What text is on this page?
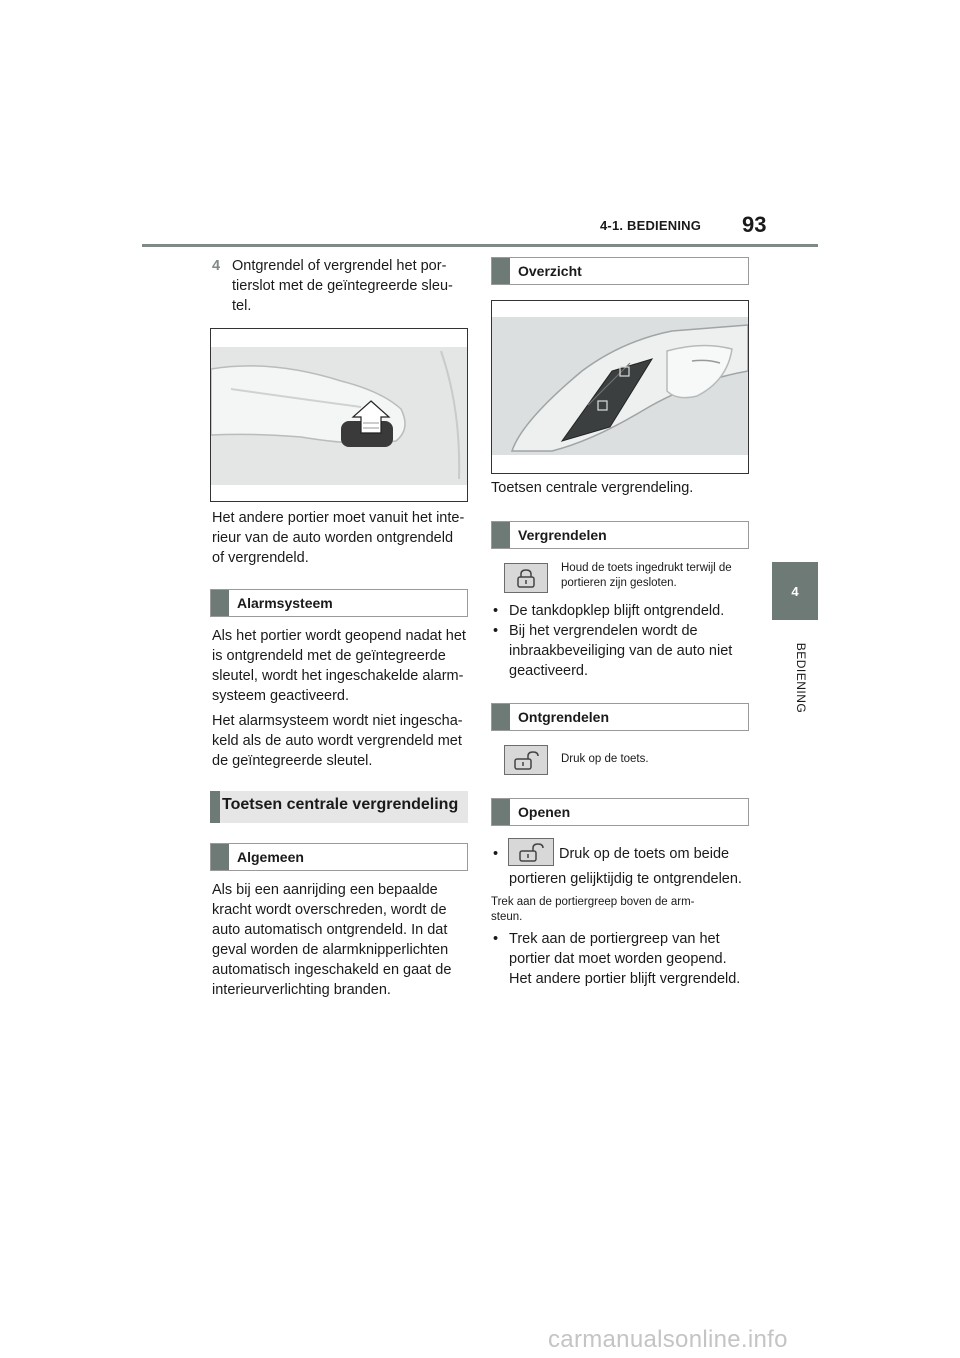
4-1. BEDIENING 93
4
BEDIENING
4 Ontgrendel of vergrendel het por-
tierslot met de geïntegreerde sleu-
tel.
Het andere portier moet vanuit het inte-
rieur van de auto worden ontgrendeld
of vergrendeld.
Alarmsysteem
Als het portier wordt geopend nadat het
is ontgrendeld met de geïntegreerde
sleutel, wordt het ingeschakelde alarm-
systeem geactiveerd.
Het alarmsysteem wordt niet ingescha-
keld als de auto wordt vergrendeld met
de geïntegreerde sleutel.
Toetsen centrale vergrendeling
Algemeen
Als bij een aanrijding een bepaalde
kracht wordt overschreden, wordt de
auto automatisch ontgrendeld. In dat
geval worden de alarmknipperlichten
automatisch ingeschakeld en gaat de
interieurverlichting branden.
Overzicht
Toetsen centrale vergrendeling.
Vergrendelen
Houd de toets ingedrukt terwijl de
portieren zijn gesloten.
• De tankdopklep blijft ontgrendeld.
• Bij het vergrendelen wordt de
inbraakbeveiliging van de auto niet
geactiveerd.
Ontgrendelen
Druk op de toets.
Openen
•	Druk op de toets om beide
portieren gelijktijdig te ontgrendelen.
Trek aan de portiergreep boven de arm-
steun.
• Trek aan de portiergreep van het
portier dat moet worden geopend.
Het andere portier blijft vergrendeld.
carmanualsonline.info
